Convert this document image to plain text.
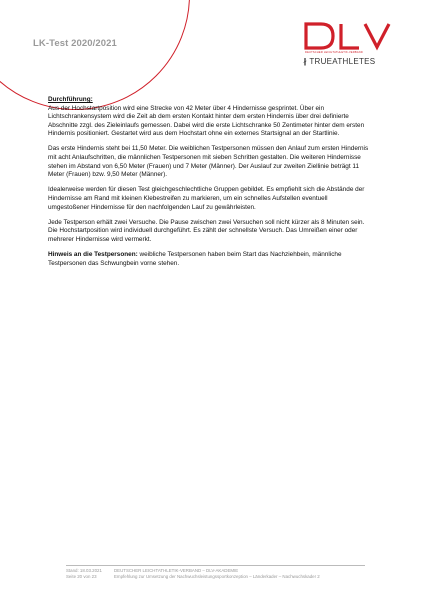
LK-Test 2020/2021
DLV
DEUTSCHER LEICHTATHLETIK-VERBAND
∦ TRUEATHLETES

Durchführung:
Aus der Hochstartposition wird eine Strecke von 42 Meter über 4 Hindernisse gesprintet. Über ein Lichtschrankensystem wird die Zeit ab dem ersten Kontakt hinter dem ersten Hindernis über drei definierte Abschnitte zzgl. des Zieleinlaufs gemessen. Dabei wird die erste Lichtschranke 50 Zentimeter hinter dem ersten Hindernis positioniert. Gestartet wird aus dem Hochstart ohne ein externes Startsignal an der Startlinie.

Das erste Hindernis steht bei 11,50 Meter. Die weiblichen Testpersonen müssen den Anlauf zum ersten Hindernis mit acht Anlaufschritten, die männlichen Testpersonen mit sieben Schritten gestalten. Die weiteren Hindernisse stehen im Abstand von 6,50 Meter (Frauen) und 7 Meter (Männer). Der Auslauf zur zweiten Ziellinie beträgt 11 Meter (Frauen) bzw. 9,50 Meter (Männer).

Idealerweise werden für diesen Test gleichgeschlechtliche Gruppen gebildet. Es empfiehlt sich die Abstände der Hindernisse am Rand mit kleinen Klebestreifen zu markieren, um ein schnelles Aufstellen eventuell umgestoßener Hindernisse für den nachfolgenden Lauf zu gewährleisten.

Jede Testperson erhält zwei Versuche. Die Pause zwischen zwei Versuchen soll nicht kürzer als 8 Minuten sein. Die Hochstartposition wird individuell durchgeführt. Es zählt der schnellste Versuch. Das Umreißen einer oder mehrerer Hindernisse wird vermerkt.

Hinweis an die Testpersonen: weibliche Testpersonen haben beim Start das Nachziehbein, männliche Testpersonen das Schwungbein vorne stehen.

Stand: 18.03.2021	DEUTSCHER LEICHTATHLETIK-VERBAND – DLV-AKADEMIE
Seite 20 von 23	Empfehlung zur Umsetzung der Nachwuchsleistungssportkonzeption – Länderkader – Nachwuchskader 2
